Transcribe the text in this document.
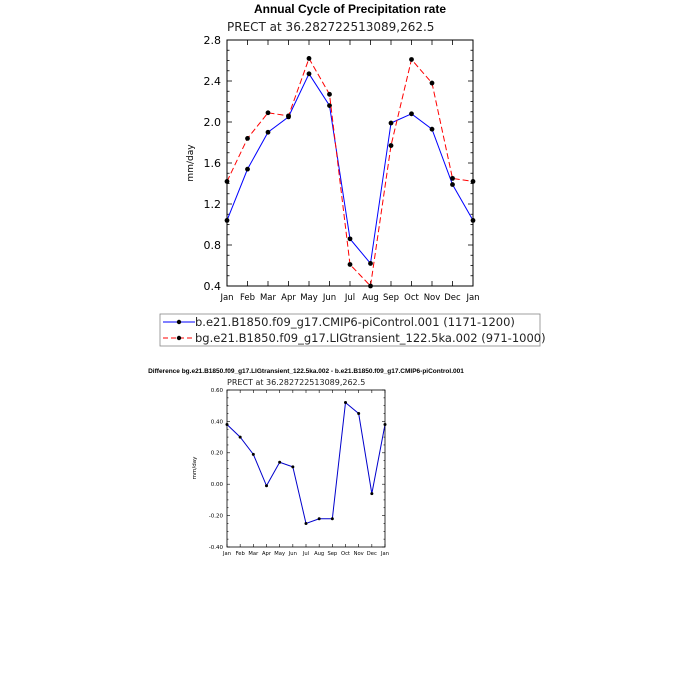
Annual Cycle of Precipitation rate
PRECT at 36.282722513089,262.5
Jan Feb Mar Apr May Jun Jul Aug Sep Oct Nov Dec Jan
0.4
0.8
1.2
1.6
2.0
2.4
2.8
mm/day
b.e21.B1850.f09_g17.CMIP6-piControl.001 (1171-1200)
bg.e21.B1850.f09_g17.LIGtransient_122.5ka.002 (971-1000)
Difference bg.e21.B1850.f09_g17.LIGtransient_122.5ka.002 - b.e21.B1850.f09_g17.CMIP6-piControl.001
PRECT at 36.282722513089,262.5
Jan Feb Mar Apr May Jun Jul Aug Sep Oct Nov Dec Jan
-0.40
-0.20
0.00
0.20
0.40
0.60
mm/day
